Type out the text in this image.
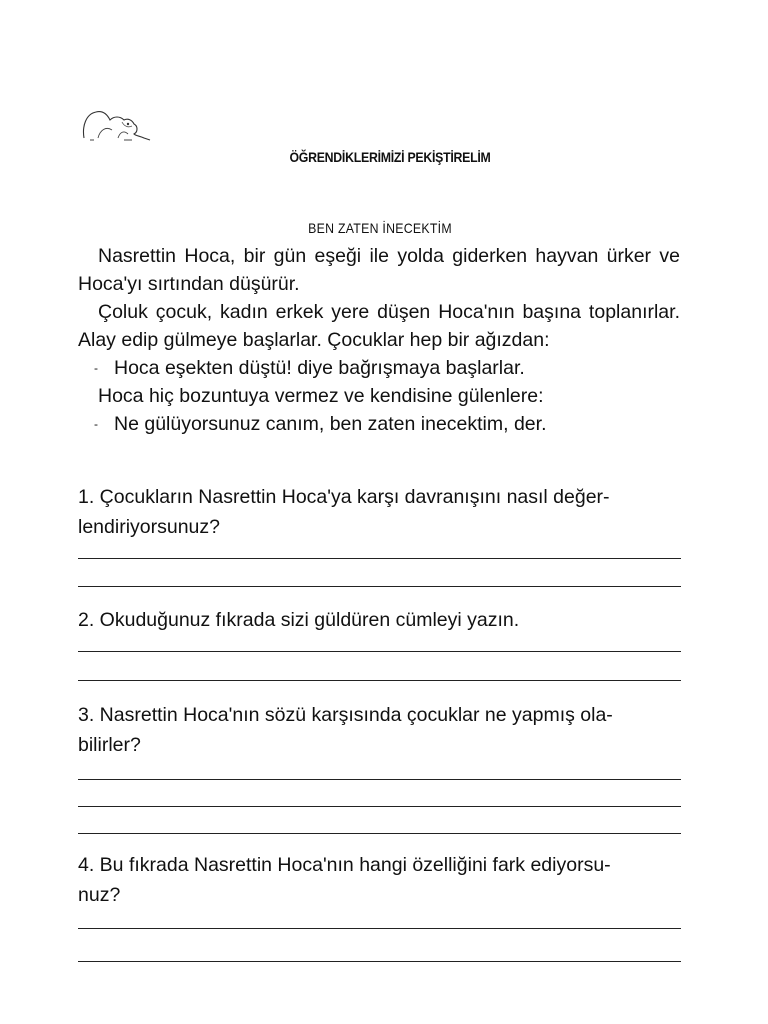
ÖĞRENDİKLERİMİZİ PEKİŞTİRELİM
BEN ZATEN İNECEKTİM

Nasrettin Hoca, bir gün eşeği ile yolda giderken hayvan ürker ve Hoca'yı sırtından düşürür.

Çoluk çocuk, kadın erkek yere düşen Hoca'nın başına toplanırlar. Alay edip gülmeye başlarlar. Çocuklar hep bir ağızdan:

- Hoca eşekten düştü! diye bağrışmaya başlarlar.

Hoca hiç bozuntuya vermez ve kendisine gülenlere:

- Ne gülüyorsunuz canım, ben zaten inecektim, der.
1. Çocukların Nasrettin Hoca'ya karşı davranışını nasıl değer-
lendiriyorsunuz?
2. Okuduğunuz fıkrada sizi güldüren cümleyi yazın.
3. Nasrettin Hoca'nın sözü karşısında çocuklar ne yapmış ola-
bilirler?
4. Bu fıkrada Nasrettin Hoca'nın hangi özelliğini fark ediyorsu-
nuz?
